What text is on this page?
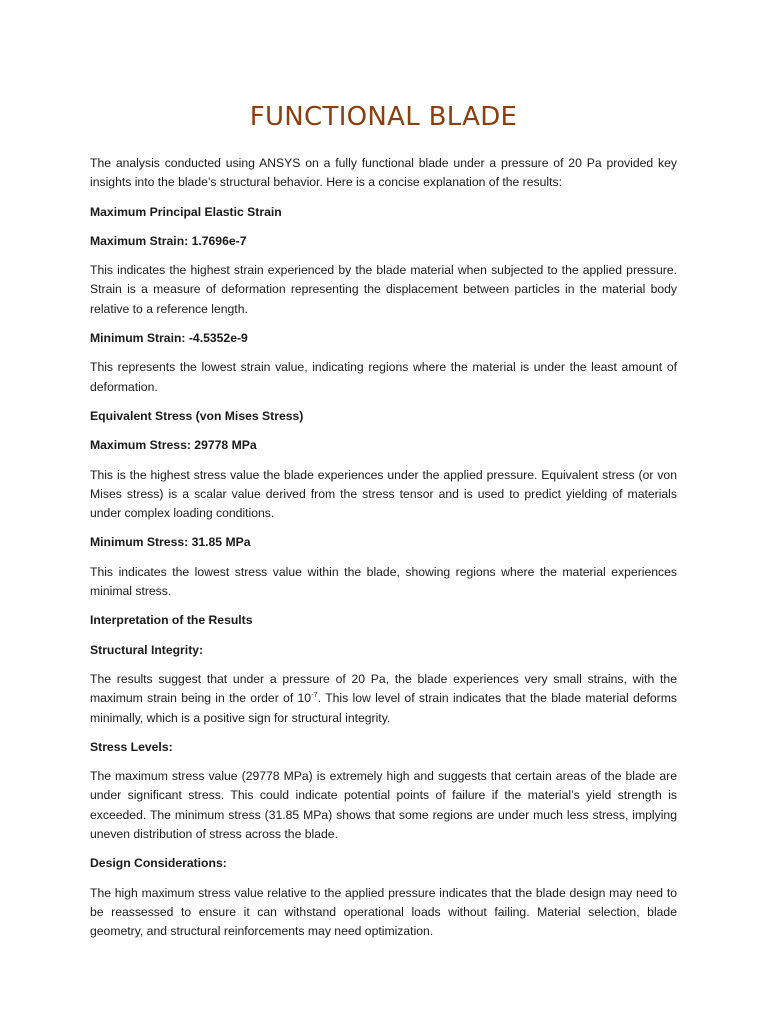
FUNCTIONAL BLADE

The analysis conducted using ANSYS on a fully functional blade under a pressure of 20 Pa provided key insights into the blade’s structural behavior. Here is a concise explanation of the results:

Maximum Principal Elastic Strain

Maximum Strain: 1.7696e-7

This indicates the highest strain experienced by the blade material when subjected to the applied pressure. Strain is a measure of deformation representing the displacement between particles in the material body relative to a reference length.

Minimum Strain: -4.5352e-9

This represents the lowest strain value, indicating regions where the material is under the least amount of deformation.

Equivalent Stress (von Mises Stress)

Maximum Stress: 29778 MPa

This is the highest stress value the blade experiences under the applied pressure. Equivalent stress (or von Mises stress) is a scalar value derived from the stress tensor and is used to predict yielding of materials under complex loading conditions.

Minimum Stress: 31.85 MPa

This indicates the lowest stress value within the blade, showing regions where the material experiences minimal stress.

Interpretation of the Results

Structural Integrity:

The results suggest that under a pressure of 20 Pa, the blade experiences very small strains, with the maximum strain being in the order of $10^{-7}$. This low level of strain indicates that the blade material deforms minimally, which is a positive sign for structural integrity.

Stress Levels:

The maximum stress value (29778 MPa) is extremely high and suggests that certain areas of the blade are under significant stress. This could indicate potential points of failure if the material’s yield strength is exceeded. The minimum stress (31.85 MPa) shows that some regions are under much less stress, implying uneven distribution of stress across the blade.

Design Considerations:

The high maximum stress value relative to the applied pressure indicates that the blade design may need to be reassessed to ensure it can withstand operational loads without failing. Material selection, blade geometry, and structural reinforcements may need optimization.
